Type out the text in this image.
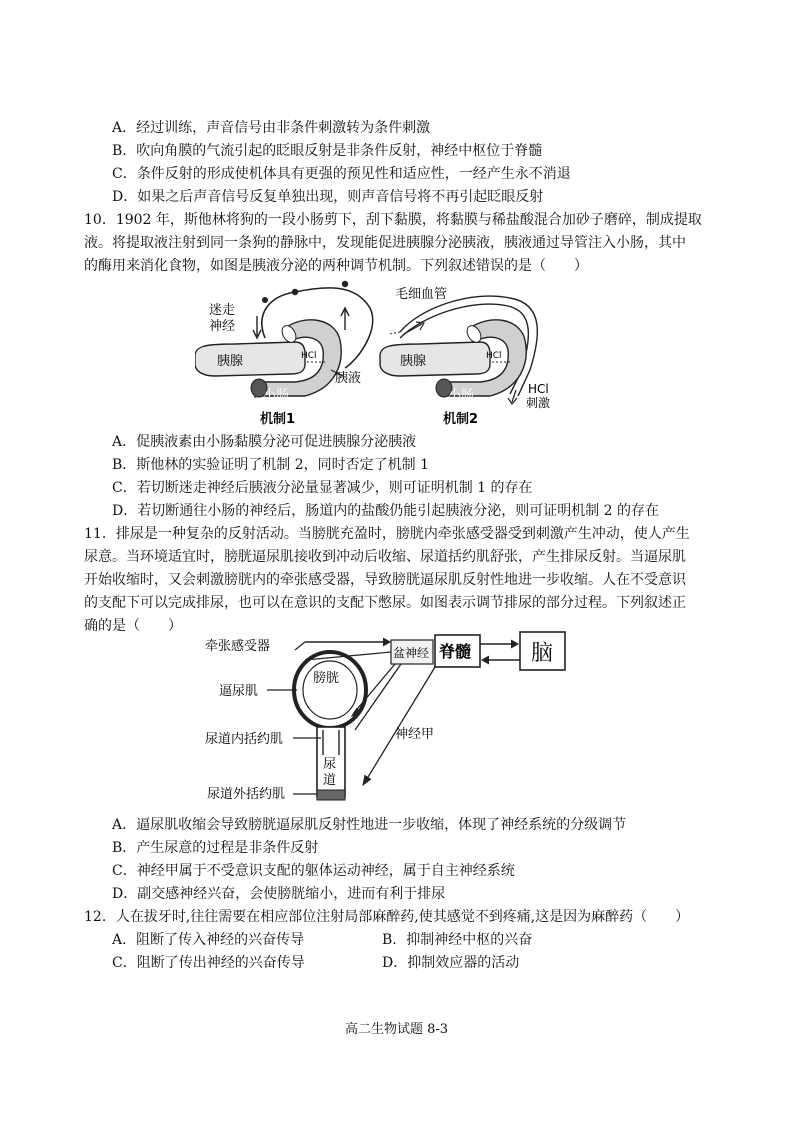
A．经过训练，声音信号由非条件刺激转为条件刺激
B．吹向角膜的气流引起的眨眼反射是非条件反射，神经中枢位于脊髓
C．条件反射的形成使机体具有更强的预见性和适应性，一经产生永不消退
D．如果之后声音信号反复单独出现，则声音信号将不再引起眨眼反射
10．1902 年，斯他林将狗的一段小肠剪下，刮下黏膜，将黏膜与稀盐酸混合加砂子磨碎，制成提取
液。将提取液注射到同一条狗的静脉中，发现能促进胰腺分泌胰液，胰液通过导管注入小肠，其中
的酶用来消化食物，如图是胰液分泌的两种调节机制。下列叙述错误的是（　　）
胰腺	HCl
小肠
胰液
迷走
神经
机制1
胰腺	HCl
小肠
毛细血管
HCl
刺激
机制2
A．促胰液素由小肠黏膜分泌可促进胰腺分泌胰液
B．斯他林的实验证明了机制 2，同时否定了机制 1
C．若切断迷走神经后胰液分泌量显著减少，则可证明机制 1 的存在
D．若切断通往小肠的神经后，肠道内的盐酸仍能引起胰液分泌，则可证明机制 2 的存在
11．排尿是一种复杂的反射活动。当膀胱充盈时，膀胱内牵张感受器受到刺激产生冲动，使人产生
尿意。当环境适宜时，膀胱逼尿肌接收到冲动后收缩、尿道括约肌舒张，产生排尿反射。当逼尿肌
开始收缩时，又会刺激膀胱内的牵张感受器，导致膀胱逼尿肌反射性地进一步收缩。人在不受意识
的支配下可以完成排尿，也可以在意识的支配下憋尿。如图表示调节排尿的部分过程。下列叙述正
确的是（　　）
脊髓	脑
盆神经
牵张感受器
膀胱
尿
道
神经甲
逼尿肌
尿道内括约肌
尿道外括约肌
A．逼尿肌收缩会导致膀胱逼尿肌反射性地进一步收缩，体现了神经系统的分级调节
B．产生尿意的过程是非条件反射
C．神经甲属于不受意识支配的躯体运动神经，属于自主神经系统
D．副交感神经兴奋，会使膀胱缩小，进而有利于排尿
12．人在拔牙时,往往需要在相应部位注射局部麻醉药,使其感觉不到疼痛,这是因为麻醉药（　　）
A．阻断了传入神经的兴奋传导	B．抑制神经中枢的兴奋
C．阻断了传出神经的兴奋传导	D．抑制效应器的活动
高二生物试题 8-3
